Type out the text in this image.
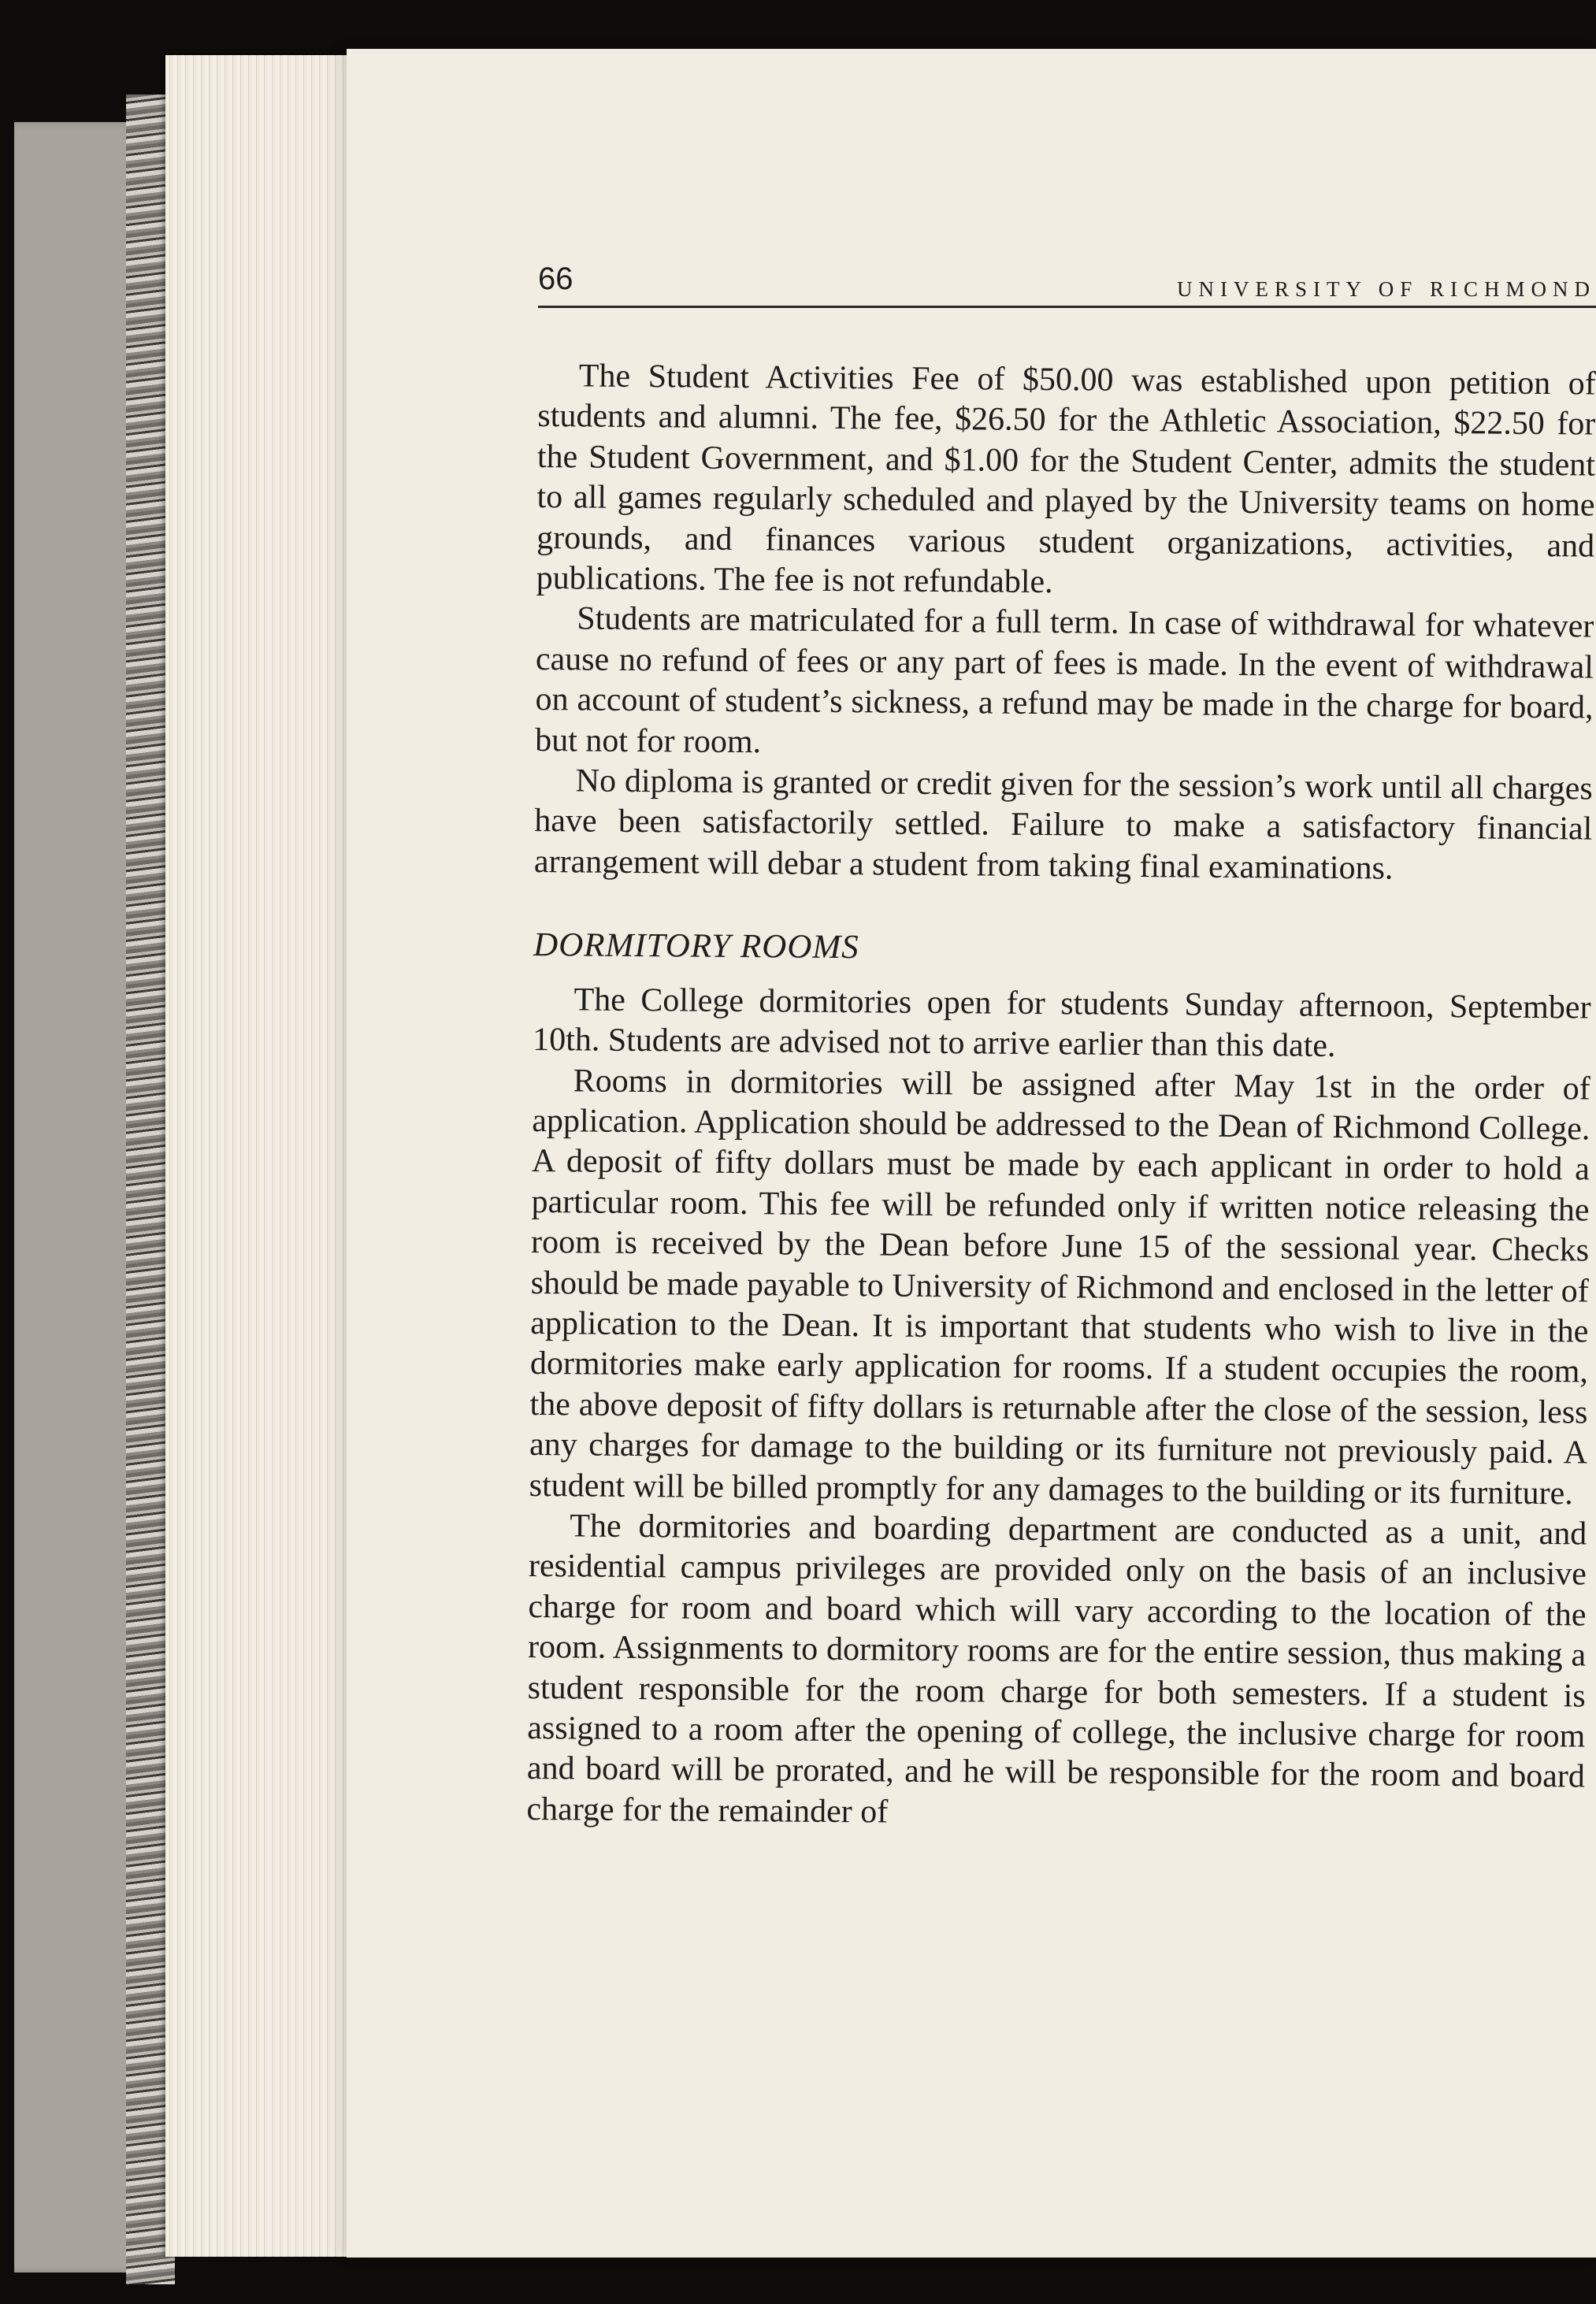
66	UNIVERSITY OF RICHMOND

The Student Activities Fee of $50.00 was established upon petition of students and alumni. The fee, $26.50 for the Athletic Association, $22.50 for the Student Government, and $1.00 for the Student Center, admits the student to all games regularly scheduled and played by the University teams on home grounds, and finances various student organizations, activities, and publications. The fee is not refundable.

Students are matriculated for a full term. In case of withdrawal for whatever cause no refund of fees or any part of fees is made. In the event of withdrawal on account of student’s sickness, a refund may be made in the charge for board, but not for room.

No diploma is granted or credit given for the session’s work until all charges have been satisfactorily settled. Failure to make a satisfactory financial arrangement will debar a student from taking final examinations.

DORMITORY ROOMS

The College dormitories open for students Sunday afternoon, September 10th. Students are advised not to arrive earlier than this date.

Rooms in dormitories will be assigned after May 1st in the order of application. Application should be addressed to the Dean of Richmond College. A deposit of fifty dollars must be made by each applicant in order to hold a particular room. This fee will be refunded only if written notice releasing the room is received by the Dean before June 15 of the sessional year. Checks should be made payable to University of Richmond and enclosed in the letter of application to the Dean. It is important that students who wish to live in the dormitories make early application for rooms. If a student occupies the room, the above deposit of fifty dollars is returnable after the close of the session, less any charges for damage to the building or its furniture not previously paid. A student will be billed promptly for any damages to the building or its furniture.

The dormitories and boarding department are conducted as a unit, and residential campus privileges are provided only on the basis of an inclusive charge for room and board which will vary according to the location of the room. Assignments to dormitory rooms are for the entire session, thus making a student responsible for the room charge for both semesters. If a student is assigned to a room after the opening of college, the inclusive charge for room and board will be prorated, and he will be responsible for the room and board charge for the remainder of
